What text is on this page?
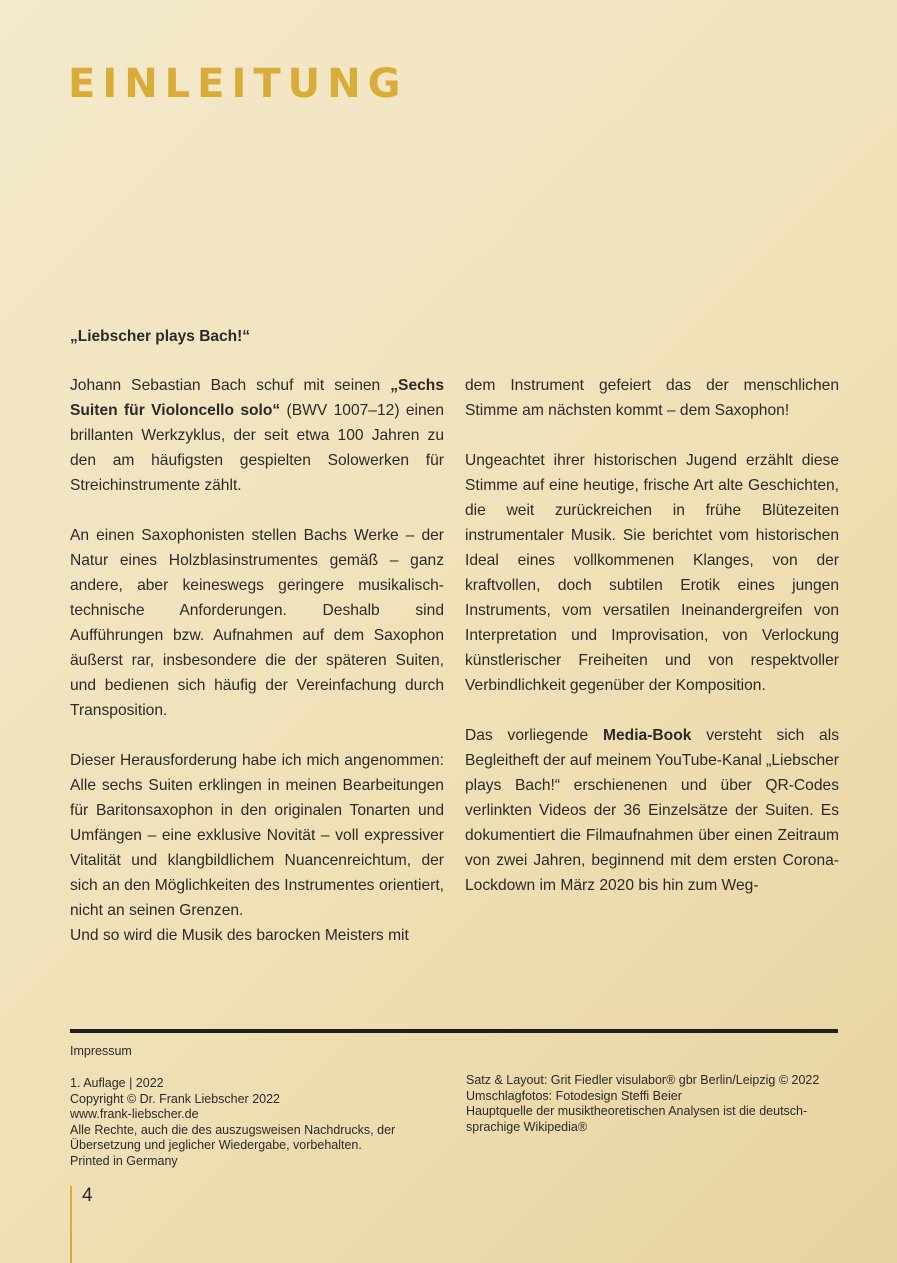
EINLEITUNG

„Liebscher plays Bach!“

Johann Sebastian Bach schuf mit seinen „Sechs Suiten für Violoncello solo“ (BWV 1007–12) einen brillanten Werkzyklus, der seit etwa 100 Jahren zu den am häufigsten gespielten Solowerken für Streichinstrumente zählt.

An einen Saxophonisten stellen Bachs Werke – der Natur eines Holzblasinstrumentes gemäß – ganz andere, aber keineswegs geringere musikalisch-technische Anforderungen. Deshalb sind Aufführungen bzw. Aufnahmen auf dem Saxophon äußerst rar, insbesondere die der späteren Suiten, und bedienen sich häufig der Vereinfachung durch Transposition.

Dieser Herausforderung habe ich mich angenommen: Alle sechs Suiten erklingen in meinen Bearbeitungen für Baritonsaxophon in den originalen Tonarten und Umfängen – eine exklusive Novität – voll expressiver Vitalität und klangbildlichem Nuancenreichtum, der sich an den Möglichkeiten des Instrumentes orientiert, nicht an seinen Grenzen.

Und so wird die Musik des barocken Meisters mit

dem Instrument gefeiert das der menschlichen Stimme am nächsten kommt – dem Saxophon!

Ungeachtet ihrer historischen Jugend erzählt diese Stimme auf eine heutige, frische Art alte Geschichten, die weit zurückreichen in frühe Blütezeiten instrumentaler Musik. Sie berichtet vom historischen Ideal eines vollkommenen Klanges, von der kraftvollen, doch subtilen Erotik eines jungen Instruments, vom versatilen Ineinandergreifen von Interpretation und Improvisation, von Verlockung künstlerischer Freiheiten und von respektvoller Verbindlichkeit gegenüber der Komposition.

Das vorliegende Media-Book versteht sich als Begleitheft der auf meinem YouTube-Kanal „Liebscher plays Bach!“ erschienenen und über QR-Codes verlinkten Videos der 36 Einzelsätze der Suiten. Es dokumentiert die Filmaufnahmen über einen Zeitraum von zwei Jahren, beginnend mit dem ersten Corona-Lockdown im März 2020 bis hin zum Weg-

Impressum
1. Auflage | 2022
Copyright © Dr. Frank Liebscher 2022
www.frank-liebscher.de
Alle Rechte, auch die des auszugsweisen Nachdrucks, der
Übersetzung und jeglicher Wiedergabe, vorbehalten.
Printed in Germany
Satz & Layout: Grit Fiedler visulabor® gbr Berlin/Leipzig © 2022
Umschlagfotos: Fotodesign Steffi Beier
Hauptquelle der musiktheoretischen Analysen ist die deutsch-
sprachige Wikipedia®
4
